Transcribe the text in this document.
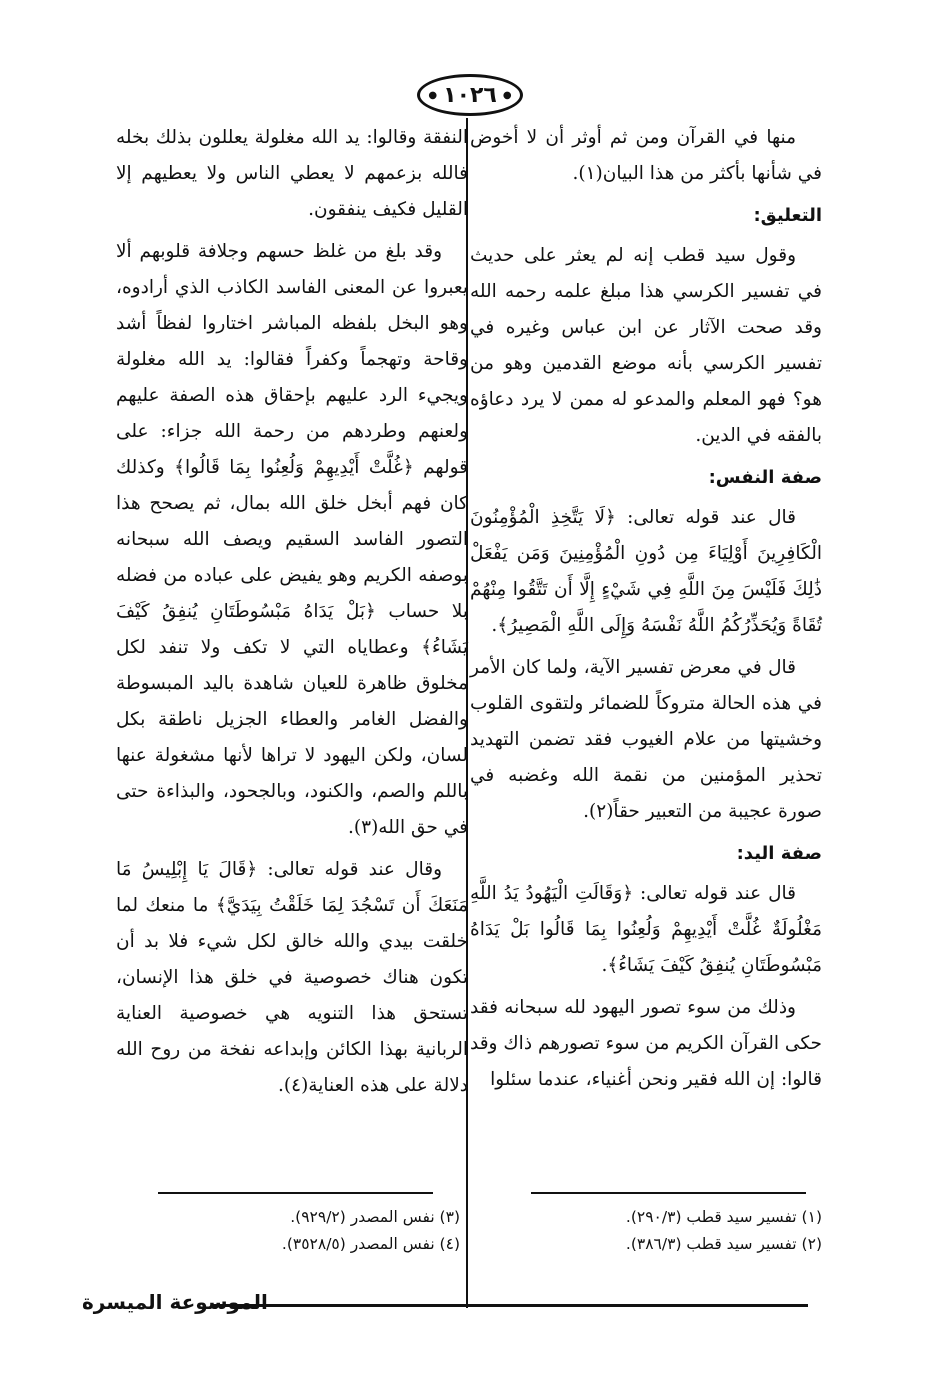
●
١٠٢٦
●

منها في القرآن ومن ثم أوثر أن لا أخوض في شأنها بأكثر من هذا البيان(١).

التعليق:

وقول سيد قطب إنه لم يعثر على حديث في تفسير الكرسي هذا مبلغ علمه رحمه الله وقد صحت الآثار عن ابن عباس وغيره في تفسير الكرسي بأنه موضع القدمين وهو من هو؟ فهو المعلم والمدعو له ممن لا يرد دعاؤه بالفقه في الدين.

صفة النفس:

قال عند قوله تعالى: ﴿لَا يَتَّخِذِ الْمُؤْمِنُونَ الْكَافِرِينَ أَوْلِيَاءَ مِن دُونِ الْمُؤْمِنِينَ وَمَن يَفْعَلْ ذَٰلِكَ فَلَيْسَ مِنَ اللَّهِ فِي شَيْءٍ إِلَّا أَن تَتَّقُوا مِنْهُمْ تُقَاةً وَيُحَذِّرُكُمُ اللَّهُ نَفْسَهُ وَإِلَى اللَّهِ الْمَصِيرُ﴾.

قال في معرض تفسير الآية، ولما كان الأمر في هذه الحالة متروكاً للضمائر ولتقوى القلوب وخشيتها من علام الغيوب فقد تضمن التهديد تحذير المؤمنين من نقمة الله وغضبه في صورة عجيبة من التعبير حقاً(٢).

صفة اليد:

قال عند قوله تعالى: ﴿وَقَالَتِ الْيَهُودُ يَدُ اللَّهِ مَغْلُولَةٌ غُلَّتْ أَيْدِيهِمْ وَلُعِنُوا بِمَا قَالُوا بَلْ يَدَاهُ مَبْسُوطَتَانِ يُنفِقُ كَيْفَ يَشَاءُ﴾.

وذلك من سوء تصور اليهود لله سبحانه فقد حكى القرآن الكريم من سوء تصورهم ذاك وقد قالوا: إن الله فقير ونحن أغنياء، عندما سئلوا

النفقة وقالوا: يد الله مغلولة يعللون بذلك بخله فالله بزعمهم لا يعطي الناس ولا يعطيهم إلا القليل فكيف ينفقون.

وقد بلغ من غلظ حسهم وجلافة قلوبهم ألا يعبروا عن المعنى الفاسد الكاذب الذي أرادوه، وهو البخل بلفظه المباشر اختاروا لفظاً أشد وقاحة وتهجماً وكفراً فقالوا: يد الله مغلولة ويجيء الرد عليهم بإحقاق هذه الصفة عليهم ولعنهم وطردهم من رحمة الله جزاء: على قولهم ﴿غُلَّتْ أَيْدِيهِمْ وَلُعِنُوا بِمَا قَالُوا﴾ وكذلك كان فهم أبخل خلق الله بمال، ثم يصحح هذا التصور الفاسد السقيم ويصف الله سبحانه بوصفه الكريم وهو يفيض على عباده من فضله بلا حساب ﴿بَلْ يَدَاهُ مَبْسُوطَتَانِ يُنفِقُ كَيْفَ يَشَاءُ﴾ وعطاياه التي لا تكف ولا تنفد لكل مخلوق ظاهرة للعيان شاهدة باليد المبسوطة والفضل الغامر والعطاء الجزيل ناطقة بكل لسان، ولكن اليهود لا تراها لأنها مشغولة عنها باللم والصم، والكنود، وبالجحود، والبذاءة حتى في حق الله(٣).

وقال عند قوله تعالى: ﴿قَالَ يَا إِبْلِيسُ مَا مَنَعَكَ أَن تَسْجُدَ لِمَا خَلَقْتُ بِيَدَيَّ﴾ ما منعك لما خلقت بيدي والله خالق لكل شيء فلا بد أن تكون هناك خصوصية في خلق هذا الإنسان، تستحق هذا التنويه هي خصوصية العناية الربانية بهذا الكائن وإبداعه نفخة من روح الله دلالة على هذه العناية(٤).

(١) تفسير سيد قطب (٢٩٠/٣).
(٢) تفسير سيد قطب (٣٨٦/٣).
(٣) نفس المصدر (٩٢٩/٢).
(٤) نفس المصدر (٣٥٢٨/٥).
الموسوعة الميسرة
